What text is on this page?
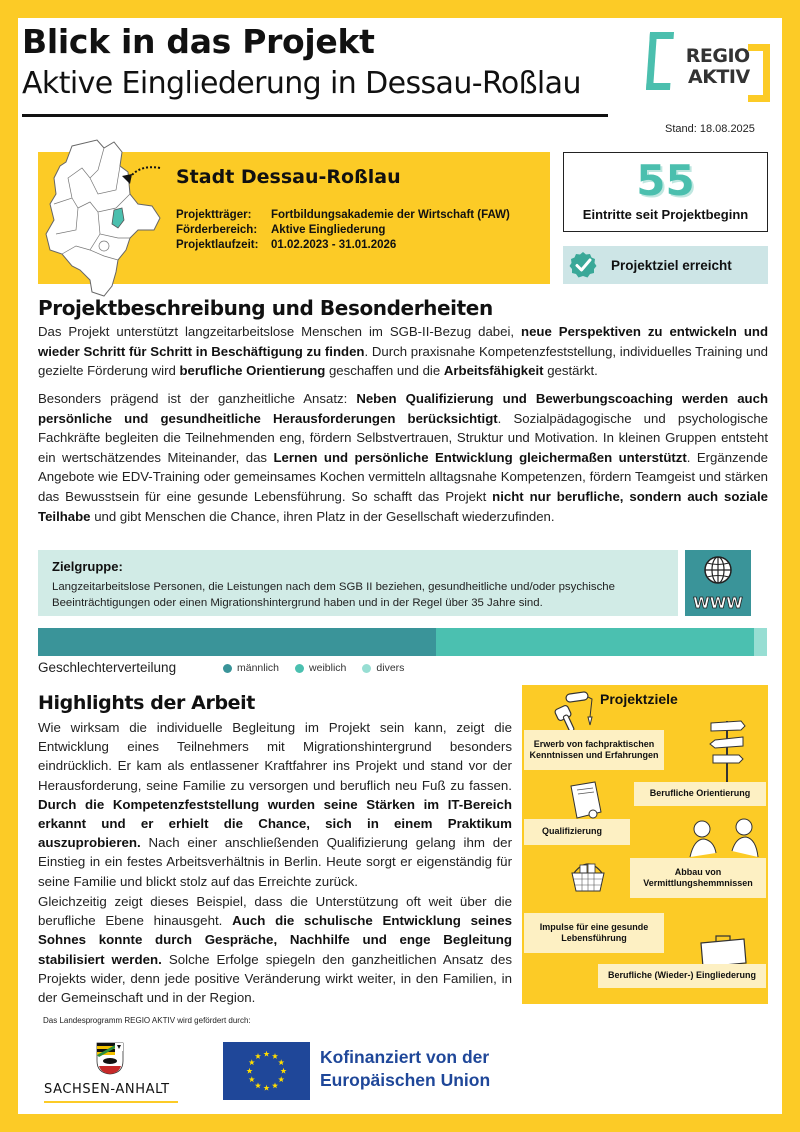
Blick in das Projekt
Aktive Eingliederung in Dessau-Roßlau
REGIO
AKTIV
Stand: 18.08.2025
Stadt Dessau-Roßlau
Projektträger:	Fortbildungsakademie der Wirtschaft (FAW)
Förderbereich:	Aktive Eingliederung
Projektlaufzeit:	01.02.2023 - 31.01.2026
55
Eintritte seit Projektbeginn
Projektziel erreicht
Projektbeschreibung und Besonderheiten

Das Projekt unterstützt langzeitarbeitslose Menschen im SGB-II-Bezug dabei, neue Perspektiven zu entwickeln und wieder Schritt für Schritt in Beschäftigung zu finden. Durch praxisnahe Kompetenzfeststellung, individuelles Training und gezielte Förderung wird berufliche Orientierung geschaffen und die Arbeitsfähigkeit gestärkt.

Besonders prägend ist der ganzheitliche Ansatz: Neben Qualifizierung und Bewerbungscoaching werden auch persönliche und gesundheitliche Herausforderungen berücksichtigt. Sozialpädagogische und psychologische Fachkräfte begleiten die Teilnehmenden eng, fördern Selbstvertrauen, Struktur und Motivation. In kleinen Gruppen entsteht ein wertschätzendes Miteinander, das Lernen und persönliche Entwicklung gleichermaßen unterstützt. Ergänzende Angebote wie EDV-Training oder gemeinsames Kochen vermitteln alltagsnahe Kompetenzen, fördern Teamgeist und stärken das Bewusstsein für eine gesunde Lebensführung. So schafft das Projekt nicht nur berufliche, sondern auch soziale Teilhabe und gibt Menschen die Chance, ihren Platz in der Gesellschaft wiederzufinden.

Zielgruppe:
Langzeitarbeitslose Personen, die Leistungen nach dem SGB II beziehen, gesundheitliche und/oder psychische Beeinträchtigungen oder einen Migrationshintergrund haben und in der Regel über 35 Jahre sind.	WWW
Geschlechterverteilung	männlich	weiblich	divers
Highlights der Arbeit

Wie wirksam die individuelle Begleitung im Projekt sein kann, zeigt die Entwicklung eines Teilnehmers mit Migrationshintergrund besonders eindrücklich. Er kam als entlassener Kraftfahrer ins Projekt und stand vor der Herausforderung, seine Familie zu versorgen und beruflich neu Fuß zu fassen. Durch die Kompetenzfeststellung wurden seine Stärken im IT-Bereich erkannt und er erhielt die Chance, sich in einem Praktikum auszuprobieren. Nach einer anschließenden Qualifizierung gelang ihm der Einstieg in ein festes Arbeitsverhältnis in Berlin. Heute sorgt er eigenständig für seine Familie und blickt stolz auf das Erreichte zurück.

Gleichzeitig zeigt dieses Beispiel, dass die Unterstützung oft weit über die berufliche Ebene hinausgeht. Auch die schulische Entwicklung seines Sohnes konnte durch Gespräche, Nachhilfe und enge Begleitung stabilisiert werden. Solche Erfolge spiegeln den ganzheitlichen Ansatz des Projekts wider, denn jede positive Veränderung wirkt weiter, in den Familien, in der Gemeinschaft und in der Region.

Projektziele
Erwerb von fachpraktischen Kenntnissen und Erfahrungen
Berufliche Orientierung
Qualifizierung
Abbau von Vermittlungshemmnissen
Impulse für eine gesunde Lebensführung
Berufliche (Wieder-) Eingliederung
Das Landesprogramm REGIO AKTIV wird gefördert durch:
SACHSEN-ANHALT
Kofinanziert von der
Europäischen Union
